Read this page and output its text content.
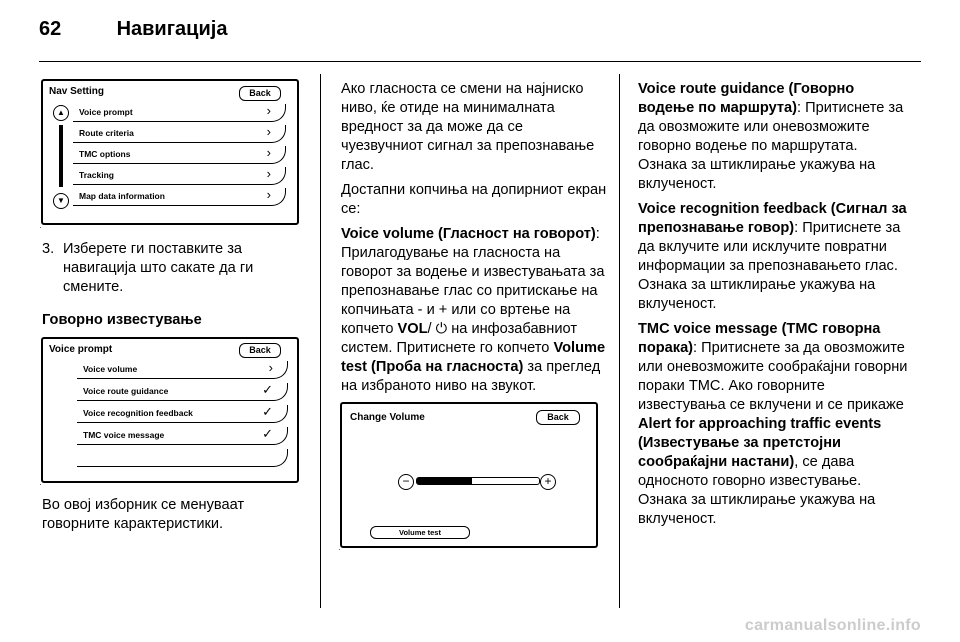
62	Навигација
Nav Setting	Back
▲
▼
Voice prompt	›
Route criteria	›
TMC options	›
Tracking	›
Map data information	›
·
3. Изберете ги поставките за навигација што сакате да ги смените.

Говорно известување

Voice prompt	Back
Voice volume	›
Voice route guidance	✓
Voice recognition feedback	✓
TMC voice message	✓
·

Во овој изборник се менуваат говорните карактеристики.

Ако гласноста се смени на најниско ниво, ќе отиде на минималната вредност за да може да се чуезвучниот сигнал за препознавање глас.

Достапни копчиња на допирниот екран се:

Voice volume (Гласност на говорот): Прилагодување на гласноста на говорот за водење и известувањата за препознавање глас со притискање на копчињата - и + или со вртење на копчето VOL/ ⏻ на инфозабавниот систем. Притиснете го копчето Volume test (Проба на гласноста) за преглед на избраното ниво на звукот.

Change Volume	Back
−	+
Volume test
·

Voice route guidance (Говорно водење по маршрута): Притиснете за да овозможите или оневозможите говорно водење по маршрутата. Ознака за штиклирање укажува на вклученост.

Voice recognition feedback (Сигнал за препознавање говор): Притиснете за да вклучите или исклучите повратни информации за препознавањето глас. Ознака за штиклирање укажува на вклученост.

TMC voice message (TMC говорна порака): Притиснете за да овозможите или оневозможите сообраќајни говорни пораки TMC. Ако говорните известувања се вклучени и се прикаже Alert for approaching traffic events (Известување за претстојни сообраќајни настани), се дава односното говорно известување. Ознака за штиклирање укажува на вклученост.

carmanualsonline.info
